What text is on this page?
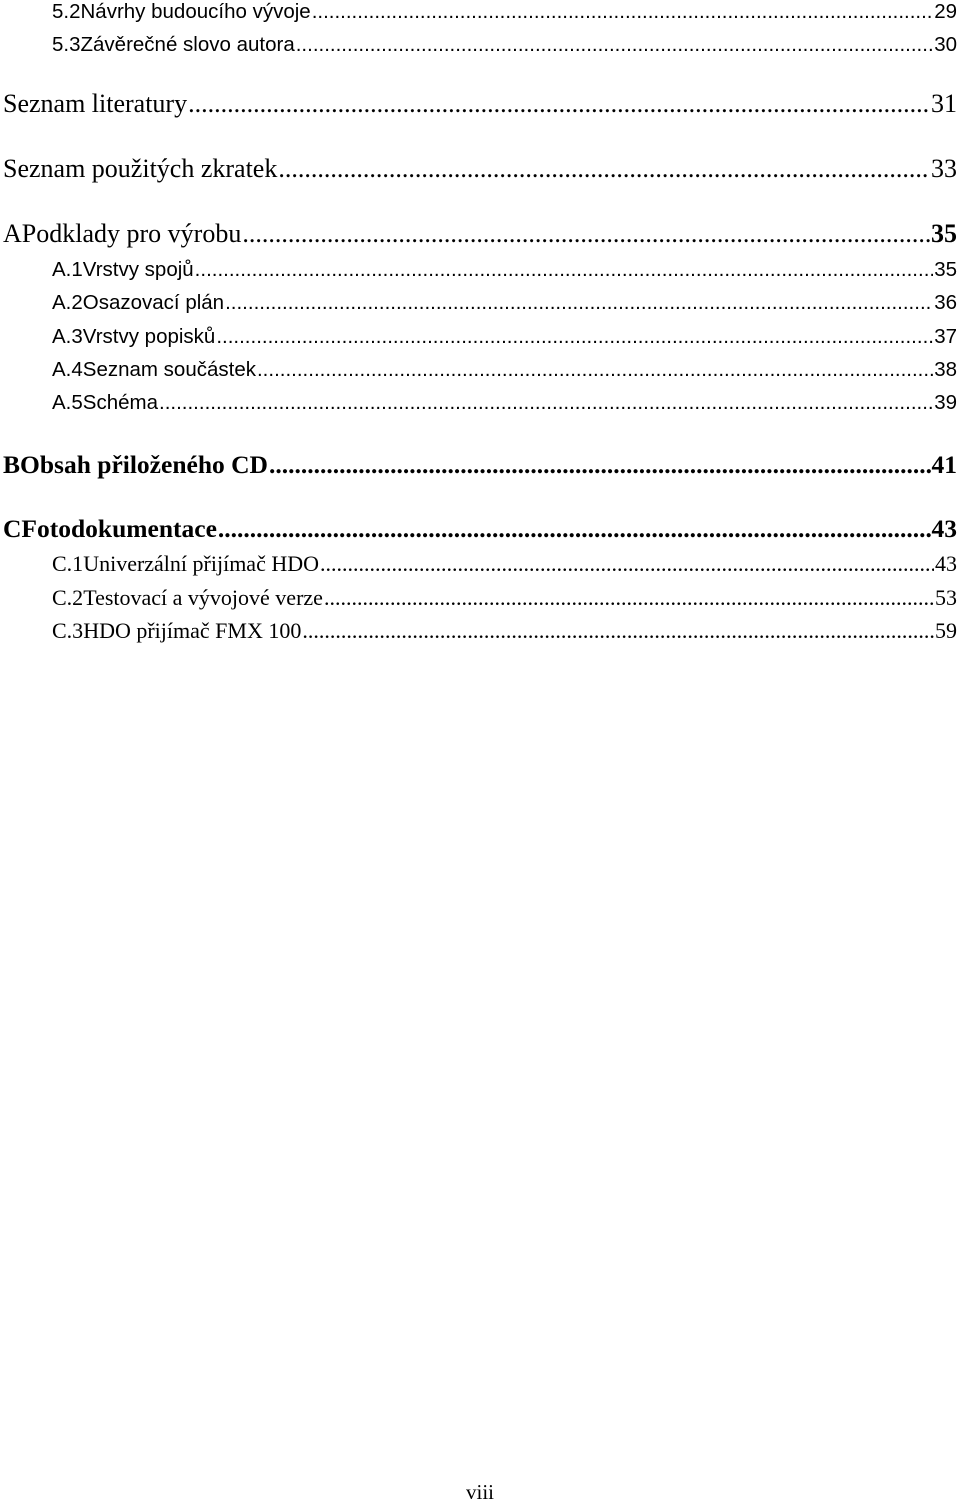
5.2 Návrhy budoucího vývoje .....	29
5.3 Závěrečné slovo autora .....	30
Seznam literatury .....	31
Seznam použitých zkratek .....	33
A Podklady pro výrobu .....	35
A.1 Vrstvy spojů .....	35
A.2 Osazovací plán .....	36
A.3 Vrstvy popisků .....	37
A.4 Seznam součástek .....	38
A.5 Schéma .....	39
B Obsah přiloženého CD .....	41
C Fotodokumentace .....	43
C.1 Univerzální přijímač HDO .....	43
C.2 Testovací a vývojové verze .....	53
C.3 HDO přijímač FMX 100 .....	59
viii
